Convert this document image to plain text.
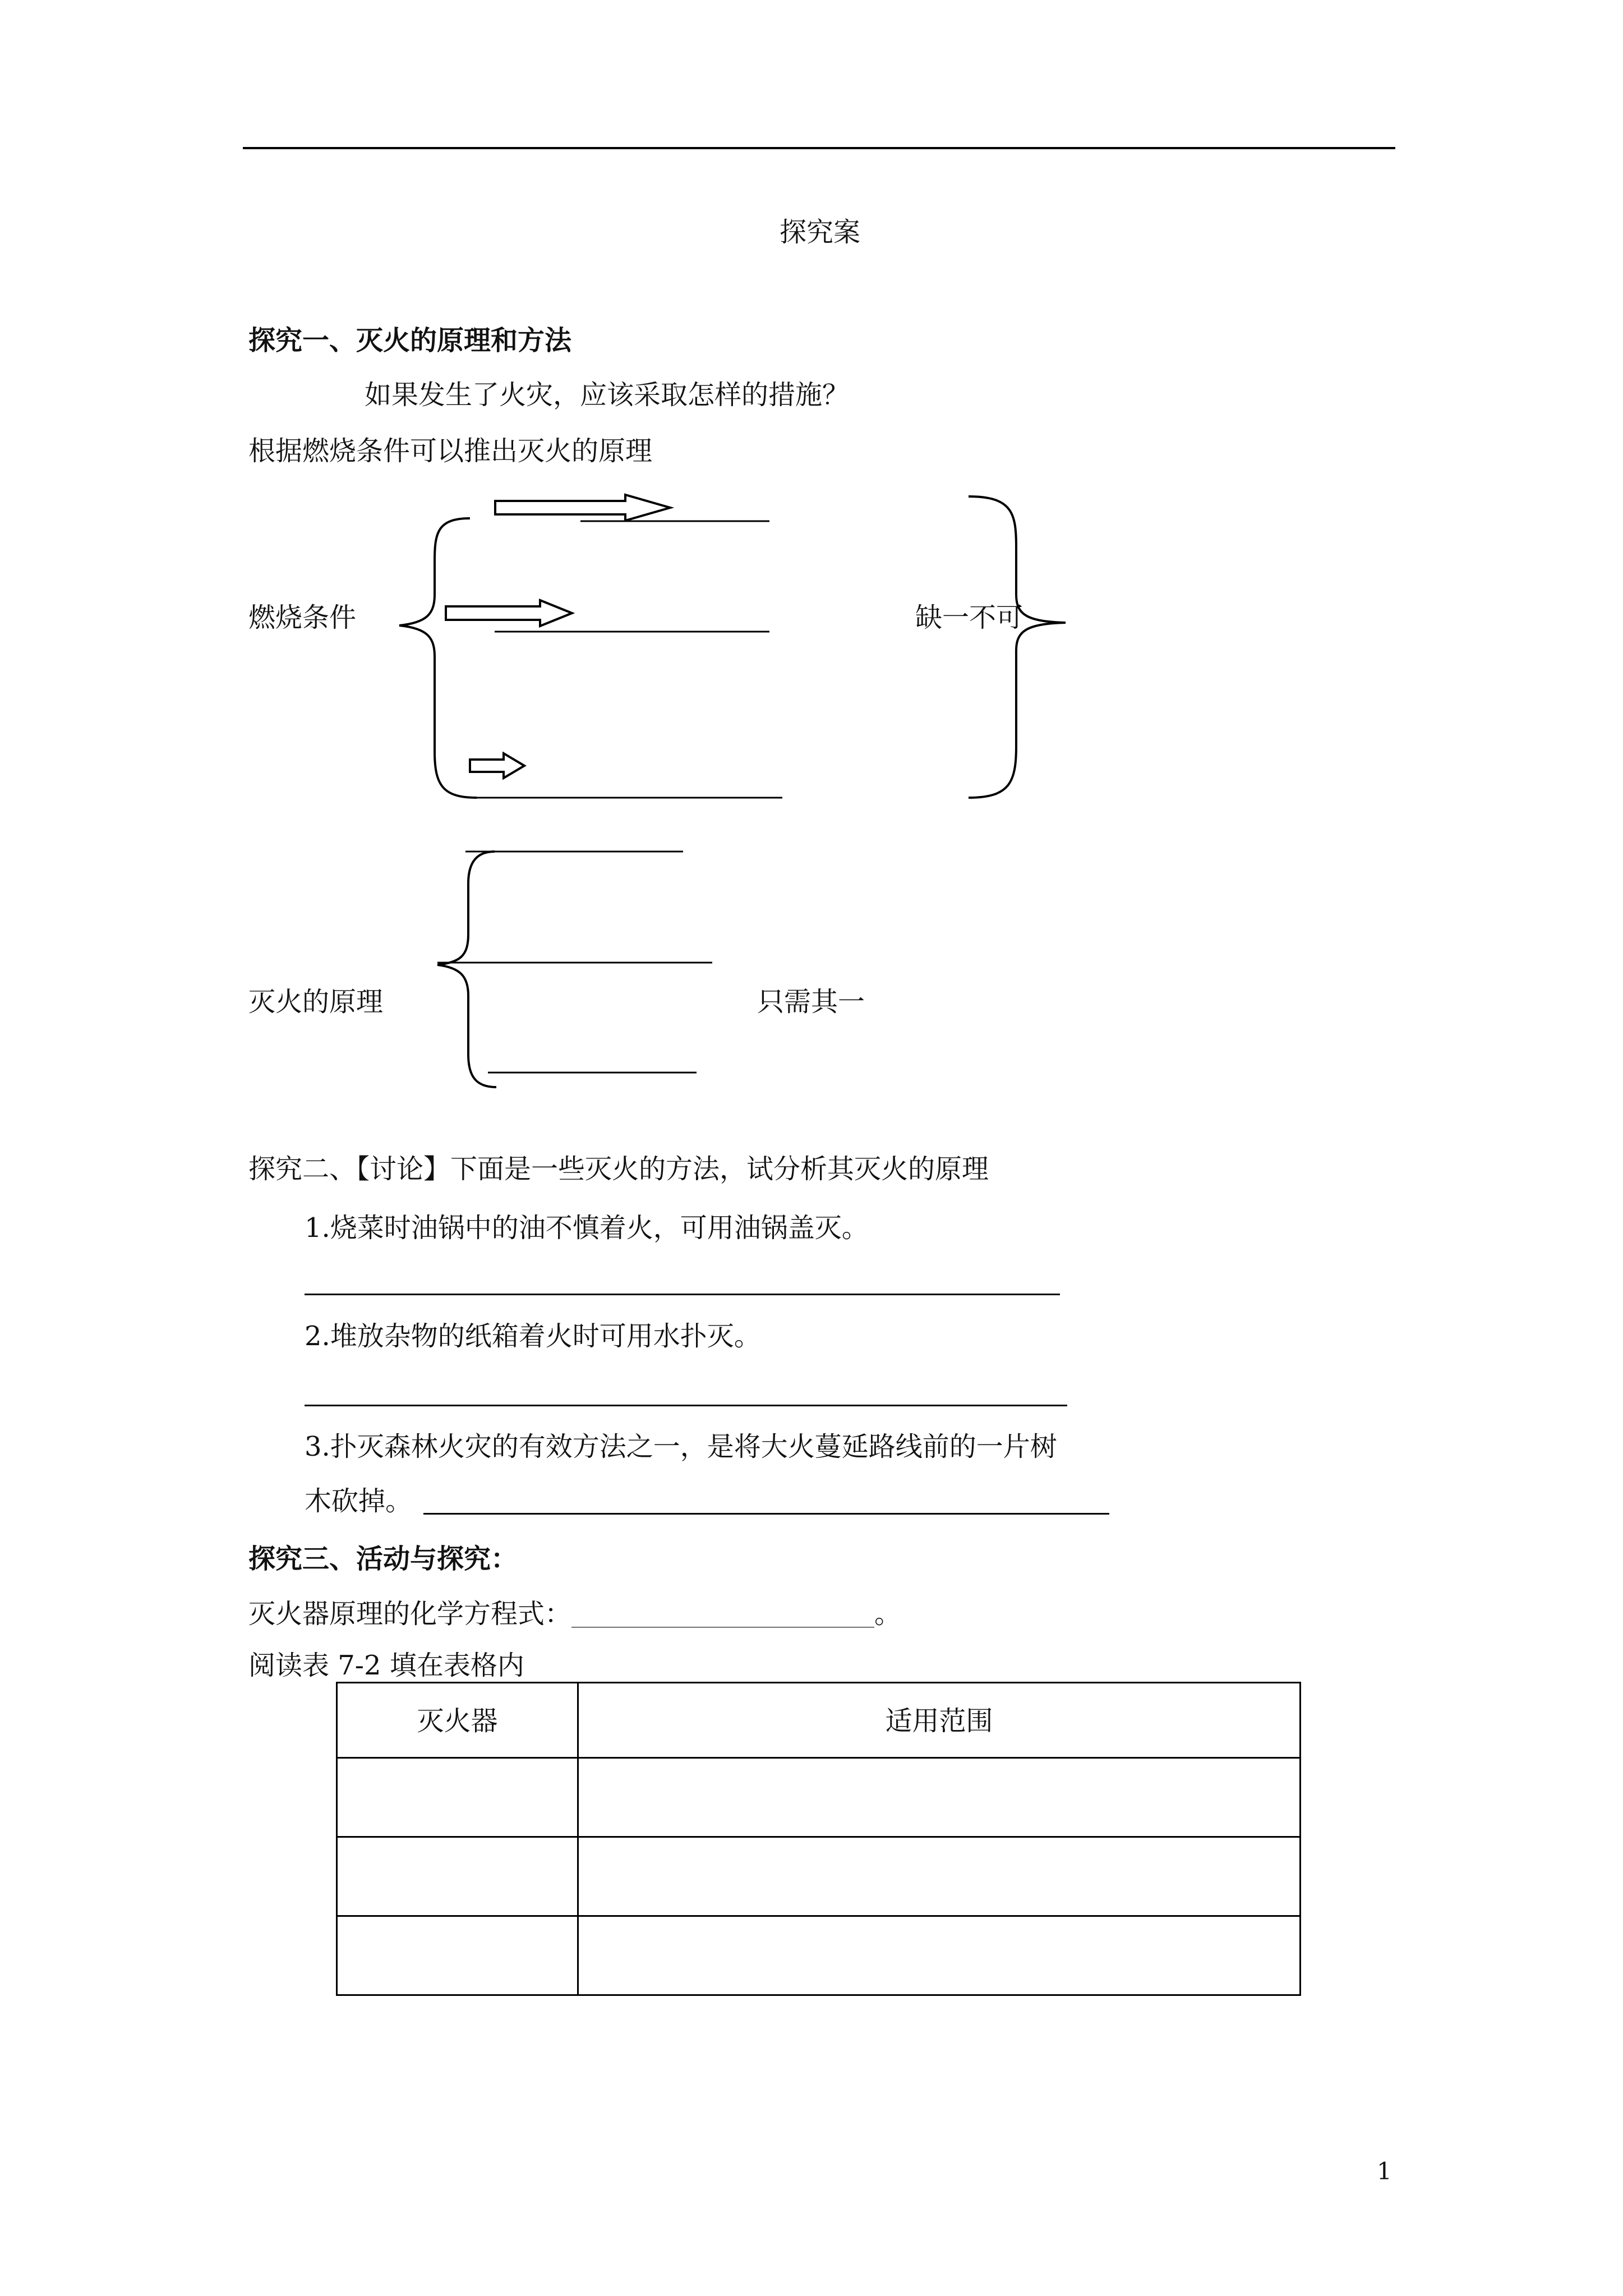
探究案
探究一、灭火的原理和方法
如果发生了火灾，应该采取怎样的措施？
根据燃烧条件可以推出灭火的原理
燃烧条件	缺一不可
灭火的原理	只需其一
探究二、【讨论】下面是一些灭火的方法，试分析其灭火的原理
1.烧菜时油锅中的油不慎着火，可用油锅盖灭。
2.堆放杂物的纸箱着火时可用水扑灭。
3.扑灭森林火灾的有效方法之一，是将大火蔓延路线前的一片树
木砍掉。
探究三、活动与探究：
灭火器原理的化学方程式：______________________________。
阅读表 7-2 填在表格内
灭火器	适用范围

1
